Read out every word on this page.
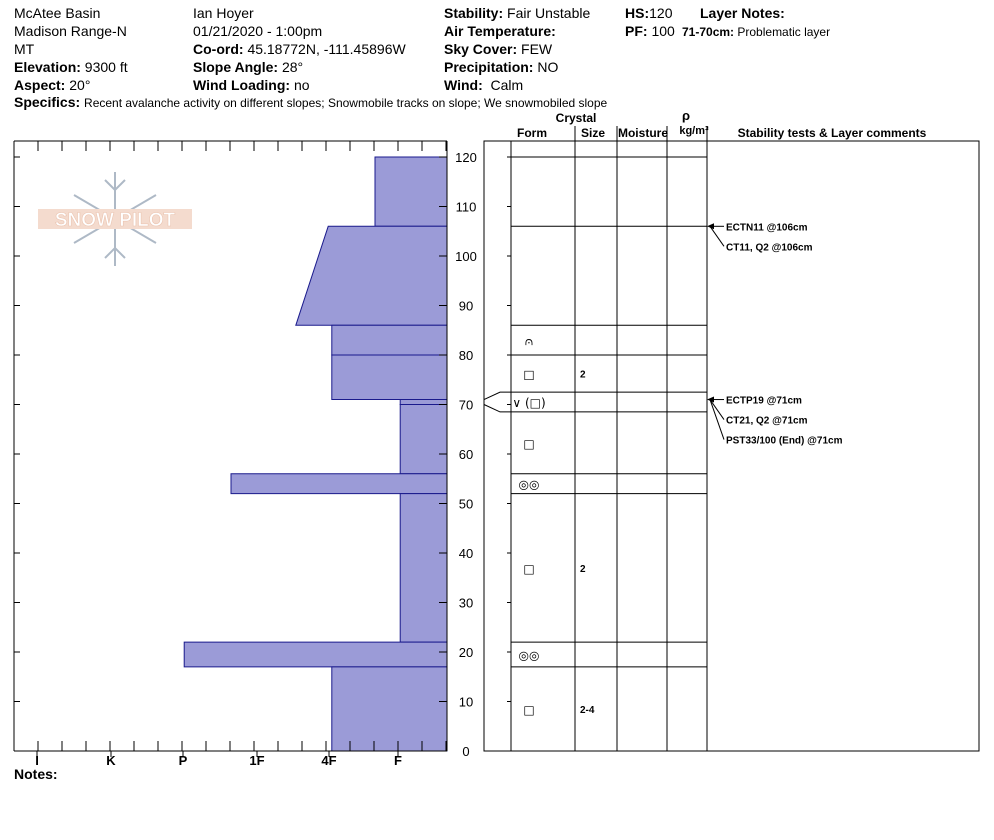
McAtee Basin
Madison Range-N
MT
Elevation: 9300 ft
Aspect: 20°
Ian Hoyer
01/21/2020 - 1:00pm
Co-ord: 45.18772N, -111.45896W
Slope Angle: 28°
Wind Loading: no
Stability: Fair Unstable
Air Temperature:
Sky Cover: FEW
Precipitation: NO
Wind: Calm
HS:120
PF: 100
Layer Notes:
71-70cm: Problematic layer
Specifics: Recent avalanche activity on different slopes; Snowmobile tracks on slope; We snowmobiled slope
SNOW PILOT
0
10
20
30
40
50
60
70
80
90
100
110
120
I	K	P	1F	4F	F
⩀
□	2
∨ (□)
□
◎◎
□	2
◎◎
□	2-4
ECTN11 @106cm
CT11, Q2 @106cm
ECTP19 @71cm
CT21, Q2 @71cm
PST33/100 (End) @71cm
Crystal
Form	Size Moisture
ρ
kg/m³ Stability tests & Layer comments
Notes:
